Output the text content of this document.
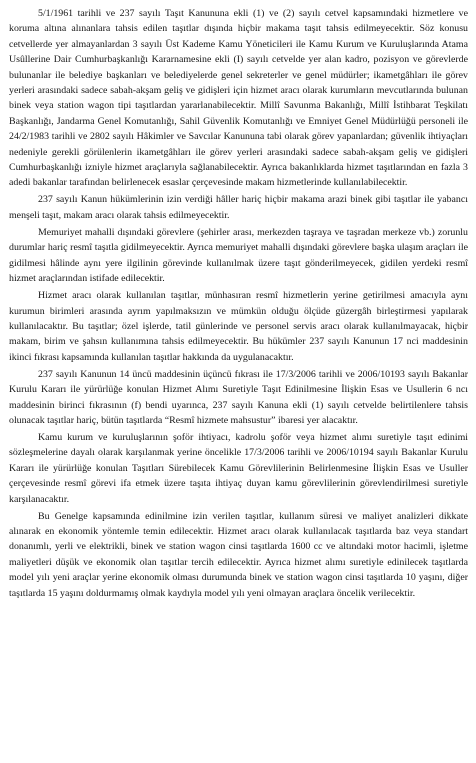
5/1/1961 tarihli ve 237 sayılı Taşıt Kanununa ekli (1) ve (2) sayılı cetvel kapsamındaki hizmetlere ve koruma altına alınanlara tahsis edilen taşıtlar dışında hiçbir makama taşıt tahsis edilmeyecektir. Söz konusu cetvellerde yer almayanlardan 3 sayılı Üst Kademe Kamu Yöneticileri ile Kamu Kurum ve Kuruluşlarında Atama Usûllerine Dair Cumhurbaşkanlığı Kararnamesine ekli (I) sayılı cetvelde yer alan kadro, pozisyon ve görevlerde bulunanlar ile belediye başkanları ve belediyelerde genel sekreterler ve genel müdürler; ikametgâhları ile görev yerleri arasındaki sadece sabah-akşam geliş ve gidişleri için hizmet aracı olarak kurumların mevcutlarında bulunan binek veya station wagon tipi taşıtlardan yararlanabilecektir. Millî Savunma Bakanlığı, Millî İstihbarat Teşkilatı Başkanlığı, Jandarma Genel Komutanlığı, Sahil Güvenlik Komutanlığı ve Emniyet Genel Müdürlüğü personeli ile 24/2/1983 tarihli ve 2802 sayılı Hâkimler ve Savcılar Kanununa tabi olarak görev yapanlardan; güvenlik ihtiyaçları nedeniyle gerekli görülenlerin ikametgâhları ile görev yerleri arasındaki sadece sabah-akşam geliş ve gidişleri Cumhurbaşkanlığı izniyle hizmet araçlarıyla sağlanabilecektir. Ayrıca bakanlıklarda hizmet taşıtlarından en fazla 3 adedi bakanlar tarafından belirlenecek esaslar çerçevesinde makam hizmetlerinde kullanılabilecektir.

237 sayılı Kanun hükümlerinin izin verdiği hâller hariç hiçbir makama arazi binek gibi taşıtlar ile yabancı menşeli taşıt, makam aracı olarak tahsis edilmeyecektir.

Memuriyet mahalli dışındaki görevlere (şehirler arası, merkezden taşraya ve taşradan merkeze vb.) zorunlu durumlar hariç resmî taşıtla gidilmeyecektir. Ayrıca memuriyet mahalli dışındaki görevlere başka ulaşım araçları ile gidilmesi hâlinde aynı yere ilgilinin görevinde kullanılmak üzere taşıt gönderilmeyecek, gidilen yerdeki resmî hizmet araçlarından istifade edilecektir.

Hizmet aracı olarak kullanılan taşıtlar, münhasıran resmî hizmetlerin yerine getirilmesi amacıyla aynı kurumun birimleri arasında ayrım yapılmaksızın ve mümkün olduğu ölçüde güzergâh birleştirmesi yapılarak kullanılacaktır. Bu taşıtlar; özel işlerde, tatil günlerinde ve personel servis aracı olarak kullanılmayacak, hiçbir makam, birim ve şahsın kullanımına tahsis edilmeyecektir. Bu hükümler 237 sayılı Kanunun 17 nci maddesinin ikinci fıkrası kapsamında kullanılan taşıtlar hakkında da uygulanacaktır.

237 sayılı Kanunun 14 üncü maddesinin üçüncü fıkrası ile 17/3/2006 tarihli ve 2006/10193 sayılı Bakanlar Kurulu Kararı ile yürürlüğe konulan Hizmet Alımı Suretiyle Taşıt Edinilmesine İlişkin Esas ve Usullerin 6 ncı maddesinin birinci fıkrasının (f) bendi uyarınca, 237 sayılı Kanuna ekli (1) sayılı cetvelde belirtilenlere tahsis olunacak taşıtlar hariç, bütün taşıtlarda “Resmî hizmete mahsustur” ibaresi yer alacaktır.

Kamu kurum ve kuruluşlarının şoför ihtiyacı, kadrolu şoför veya hizmet alımı suretiyle taşıt edinimi sözleşmelerine dayalı olarak karşılanmak yerine öncelikle 17/3/2006 tarihli ve 2006/10194 sayılı Bakanlar Kurulu Kararı ile yürürlüğe konulan Taşıtları Sürebilecek Kamu Görevlilerinin Belirlenmesine İlişkin Esas ve Usuller çerçevesinde resmî görevi ifa etmek üzere taşıta ihtiyaç duyan kamu görevlilerinin görevlendirilmesi suretiyle karşılanacaktır.

Bu Genelge kapsamında edinilmine izin verilen taşıtlar, kullanım süresi ve maliyet analizleri dikkate alınarak en ekonomik yöntemle temin edilecektir. Hizmet aracı olarak kullanılacak taşıtlarda baz veya standart donanımlı, yerli ve elektrikli, binek ve station wagon cinsi taşıtlarda 1600 cc ve altındaki motor hacimli, işletme maliyetleri düşük ve ekonomik olan taşıtlar tercih edilecektir. Ayrıca hizmet alımı suretiyle edinilecek taşıtlarda model yılı yeni araçlar yerine ekonomik olması durumunda binek ve station wagon cinsi taşıtlarda 10 yaşını, diğer taşıtlarda 15 yaşını doldurmamış olmak kaydıyla model yılı yeni olmayan araçlara öncelik verilecektir.
